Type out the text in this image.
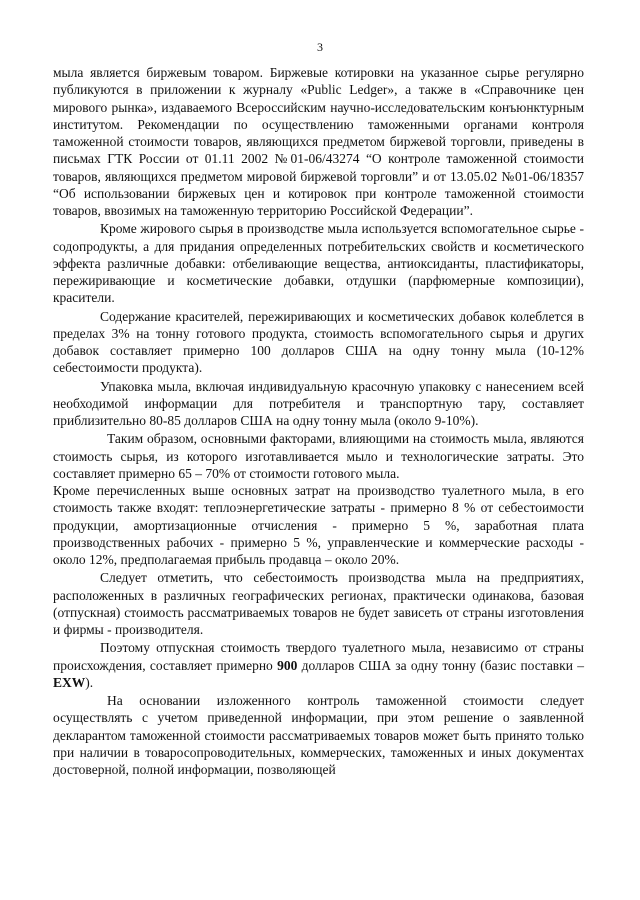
3

мыла является биржевым товаром. Биржевые котировки на указанное сырье регулярно публикуются в приложении к журналу «Public Ledger», а также в «Справочнике цен мирового рынка», издаваемого Всероссийским научно-исследовательским конъюнктурным институтом. Рекомендации по осуществлению таможенными органами контроля таможенной стоимости товаров, являющихся предметом биржевой торговли, приведены в письмах ГТК России от 01.11 2002 №01-06/43274 “О контроле таможенной стоимости товаров, являющихся предметом мировой биржевой торговли” и от 13.05.02 №01-06/18357 “Об использовании биржевых цен и котировок при контроле таможенной стоимости товаров, ввозимых на таможенную территорию Российской Федерации”.

Кроме жирового сырья в производстве мыла используется вспомогательное сырье - содопродукты, а для придания определенных потребительских свойств и косметического эффекта различные добавки: отбеливающие вещества, антиоксиданты, пластификаторы, пережиривающие и косметические добавки, отдушки (парфюмерные композиции), красители.

Содержание красителей, пережиривающих и косметических добавок колеблется в пределах 3% на тонну готового продукта, стоимость вспомогательного сырья и других добавок составляет примерно 100 долларов США на одну тонну мыла (10-12% себестоимости продукта).

Упаковка мыла, включая индивидуальную красочную упаковку с нанесением всей необходимой информации для потребителя и транспортную тару, составляет приблизительно 80-85 долларов США на одну тонну мыла (около 9-10%).

Таким образом, основными факторами, влияющими на стоимость мыла, являются стоимость сырья, из которого изготавливается мыло и технологические затраты. Это составляет примерно 65 – 70% от стоимости готового мыла.

Кроме перечисленных выше основных затрат на производство туалетного мыла, в его стоимость также входят: теплоэнергетические затраты - примерно 8 % от себестоимости продукции, амортизационные отчисления - примерно 5 %, заработная плата производственных рабочих - примерно 5 %, управленческие и коммерческие расходы - около 12%, предполагаемая прибыль продавца – около 20%.

Следует отметить, что себестоимость производства мыла на предприятиях, расположенных в различных географических регионах, практически одинакова, базовая (отпускная) стоимость рассматриваемых товаров не будет зависеть от страны изготовления и фирмы - производителя.

Поэтому отпускная стоимость твердого туалетного мыла, независимо от страны происхождения, составляет примерно 900 долларов США за одну тонну (базис поставки – EXW).

На основании изложенного контроль таможенной стоимости следует осуществлять с учетом приведенной информации, при этом решение о заявленной декларантом таможенной стоимости рассматриваемых товаров может быть принято только при наличии в товаросопроводительных, коммерческих, таможенных и иных документах достоверной, полной информации, позволяющей
